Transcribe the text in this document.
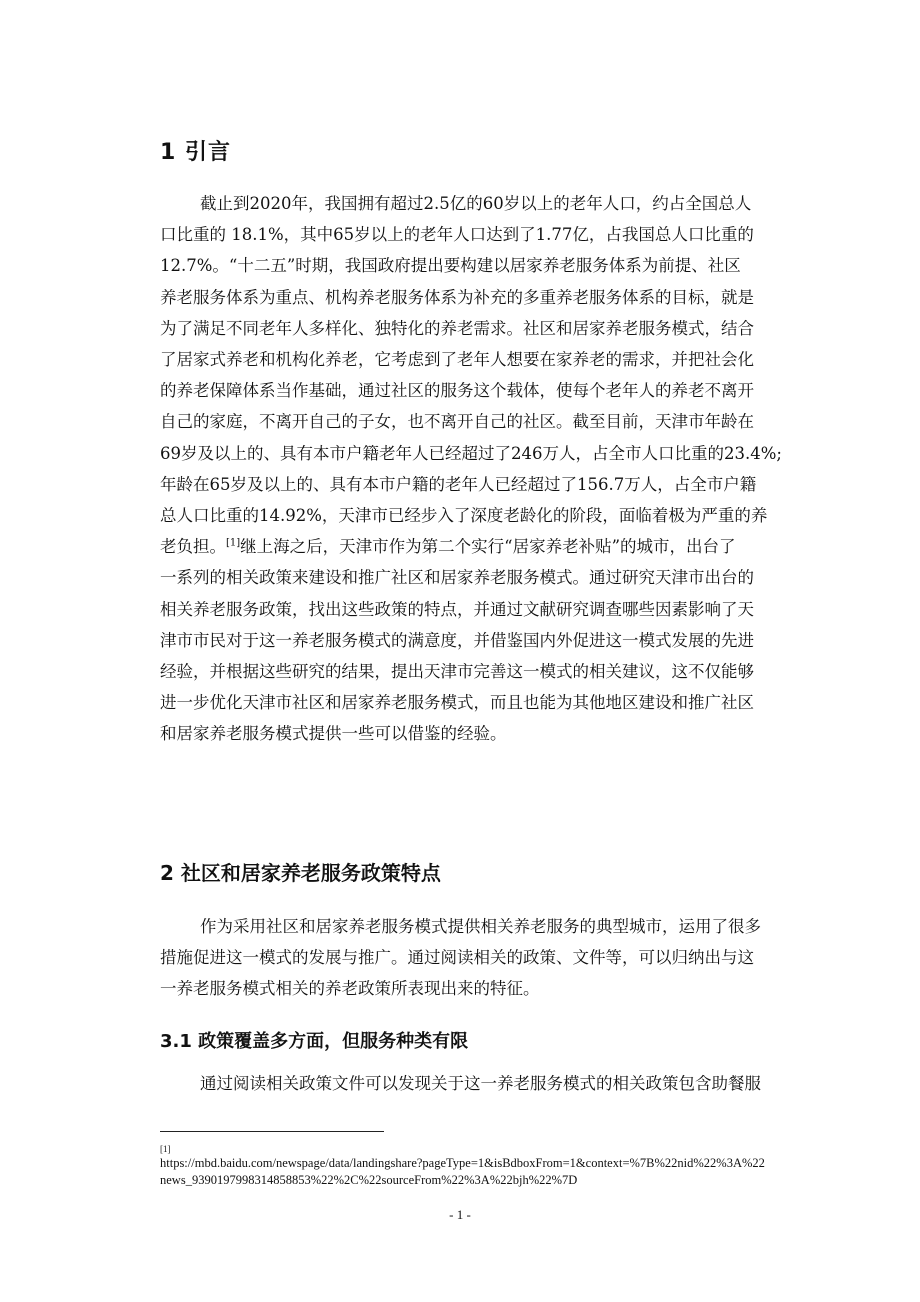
1 引言
截止到2020年，我国拥有超过2.5亿的60岁以上的老年人口，约占全国总人
口比重的 18.1%，其中65岁以上的老年人口达到了1.77亿，占我国总人口比重的
12.7%。“十二五”时期，我国政府提出要构建以居家养老服务体系为前提、社区
养老服务体系为重点、机构养老服务体系为补充的多重养老服务体系的目标，就是
为了满足不同老年人多样化、独特化的养老需求。社区和居家养老服务模式，结合
了居家式养老和机构化养老，它考虑到了老年人想要在家养老的需求，并把社会化
的养老保障体系当作基础，通过社区的服务这个载体，使每个老年人的养老不离开
自己的家庭，不离开自己的子女，也不离开自己的社区。截至目前，天津市年龄在
69岁及以上的、具有本市户籍老年人已经超过了246万人，占全市人口比重的23.4%;
年龄在65岁及以上的、具有本市户籍的老年人已经超过了156.7万人，占全市户籍
总人口比重的14.92%，天津市已经步入了深度老龄化的阶段，面临着极为严重的养
老负担。[1]继上海之后，天津市作为第二个实行“居家养老补贴”的城市，出台了
一系列的相关政策来建设和推广社区和居家养老服务模式。通过研究天津市出台的
相关养老服务政策，找出这些政策的特点，并通过文献研究调查哪些因素影响了天
津市市民对于这一养老服务模式的满意度，并借鉴国内外促进这一模式发展的先进
经验，并根据这些研究的结果，提出天津市完善这一模式的相关建议，这不仅能够
进一步优化天津市社区和居家养老服务模式，而且也能为其他地区建设和推广社区
和居家养老服务模式提供一些可以借鉴的经验。
2 社区和居家养老服务政策特点
作为采用社区和居家养老服务模式提供相关养老服务的典型城市，运用了很多
措施促进这一模式的发展与推广。通过阅读相关的政策、文件等，可以归纳出与这
一养老服务模式相关的养老政策所表现出来的特征。
3.1 政策覆盖多方面，但服务种类有限
通过阅读相关政策文件可以发现关于这一养老服务模式的相关政策包含助餐服
[1]
https://mbd.baidu.com/newspage/data/landingshare?pageType=1&isBdboxFrom=1&context=%7B%22nid%22%3A%22
news_9390197998314858853%22%2C%22sourceFrom%22%3A%22bjh%22%7D
- 1 -
